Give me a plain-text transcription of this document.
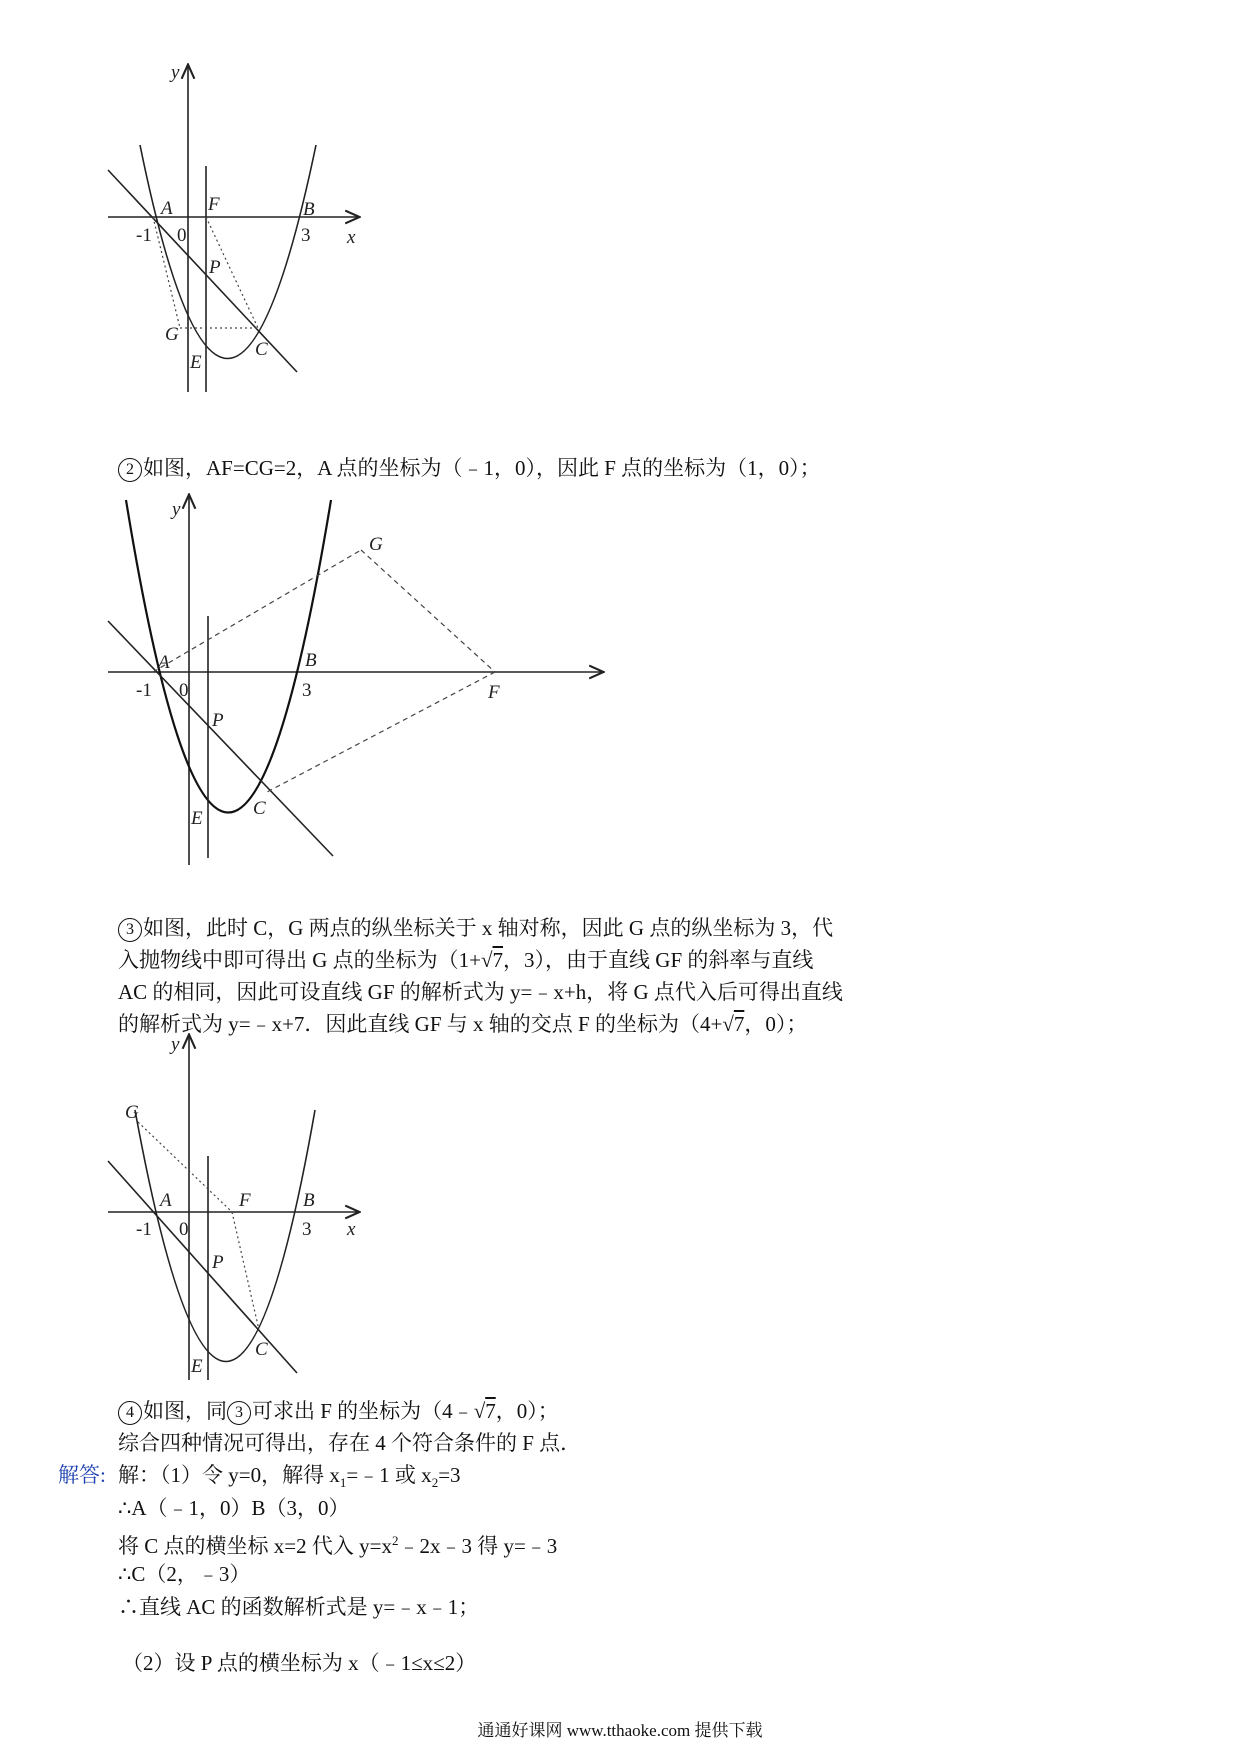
y
x
A F	B
P
G
C
E
-1 0	3
2 如图，AF=CG=2，A 点的坐标为（﹣1，0），因此 F 点的坐标为（1，0）；
y
G
A	B
F
P
C
E
-1 0	3
3 如图，此时 C，G 两点的纵坐标关于 x 轴对称，因此 G 点的纵坐标为 3，代
入抛物线中即可得出 G 点的坐标为（1+√7，3），由于直线 GF 的斜率与直线
AC 的相同，因此可设直线 GF 的解析式为 y=﹣x+h，将 G 点代入后可得出直线
的解析式为 y=﹣x+7．因此直线 GF 与 x 轴的交点 F 的坐标为（4+√7，0）；
y
x
G
A	F	B
P
C
E
-1 0	3
4 如图，同 3 可求出 F 的坐标为（4﹣√7，0）；
综合四种情况可得出，存在 4 个符合条件的 F 点．
解答: 解：（1）令 y=0，解得 $x_1=﹣1$ 或 $x_2=3$
∴A（﹣1，0）B（3，0）
将 C 点的横坐标 x=2 代入 $y=x^2﹣2x﹣3$ 得 y=﹣3
∴C（2，﹣3）
∴直线 AC 的函数解析式是 y=﹣x﹣1；
（2）设 P 点的横坐标为 x（﹣1≤x≤2）
通通好课网 www.tthaoke.com 提供下载
